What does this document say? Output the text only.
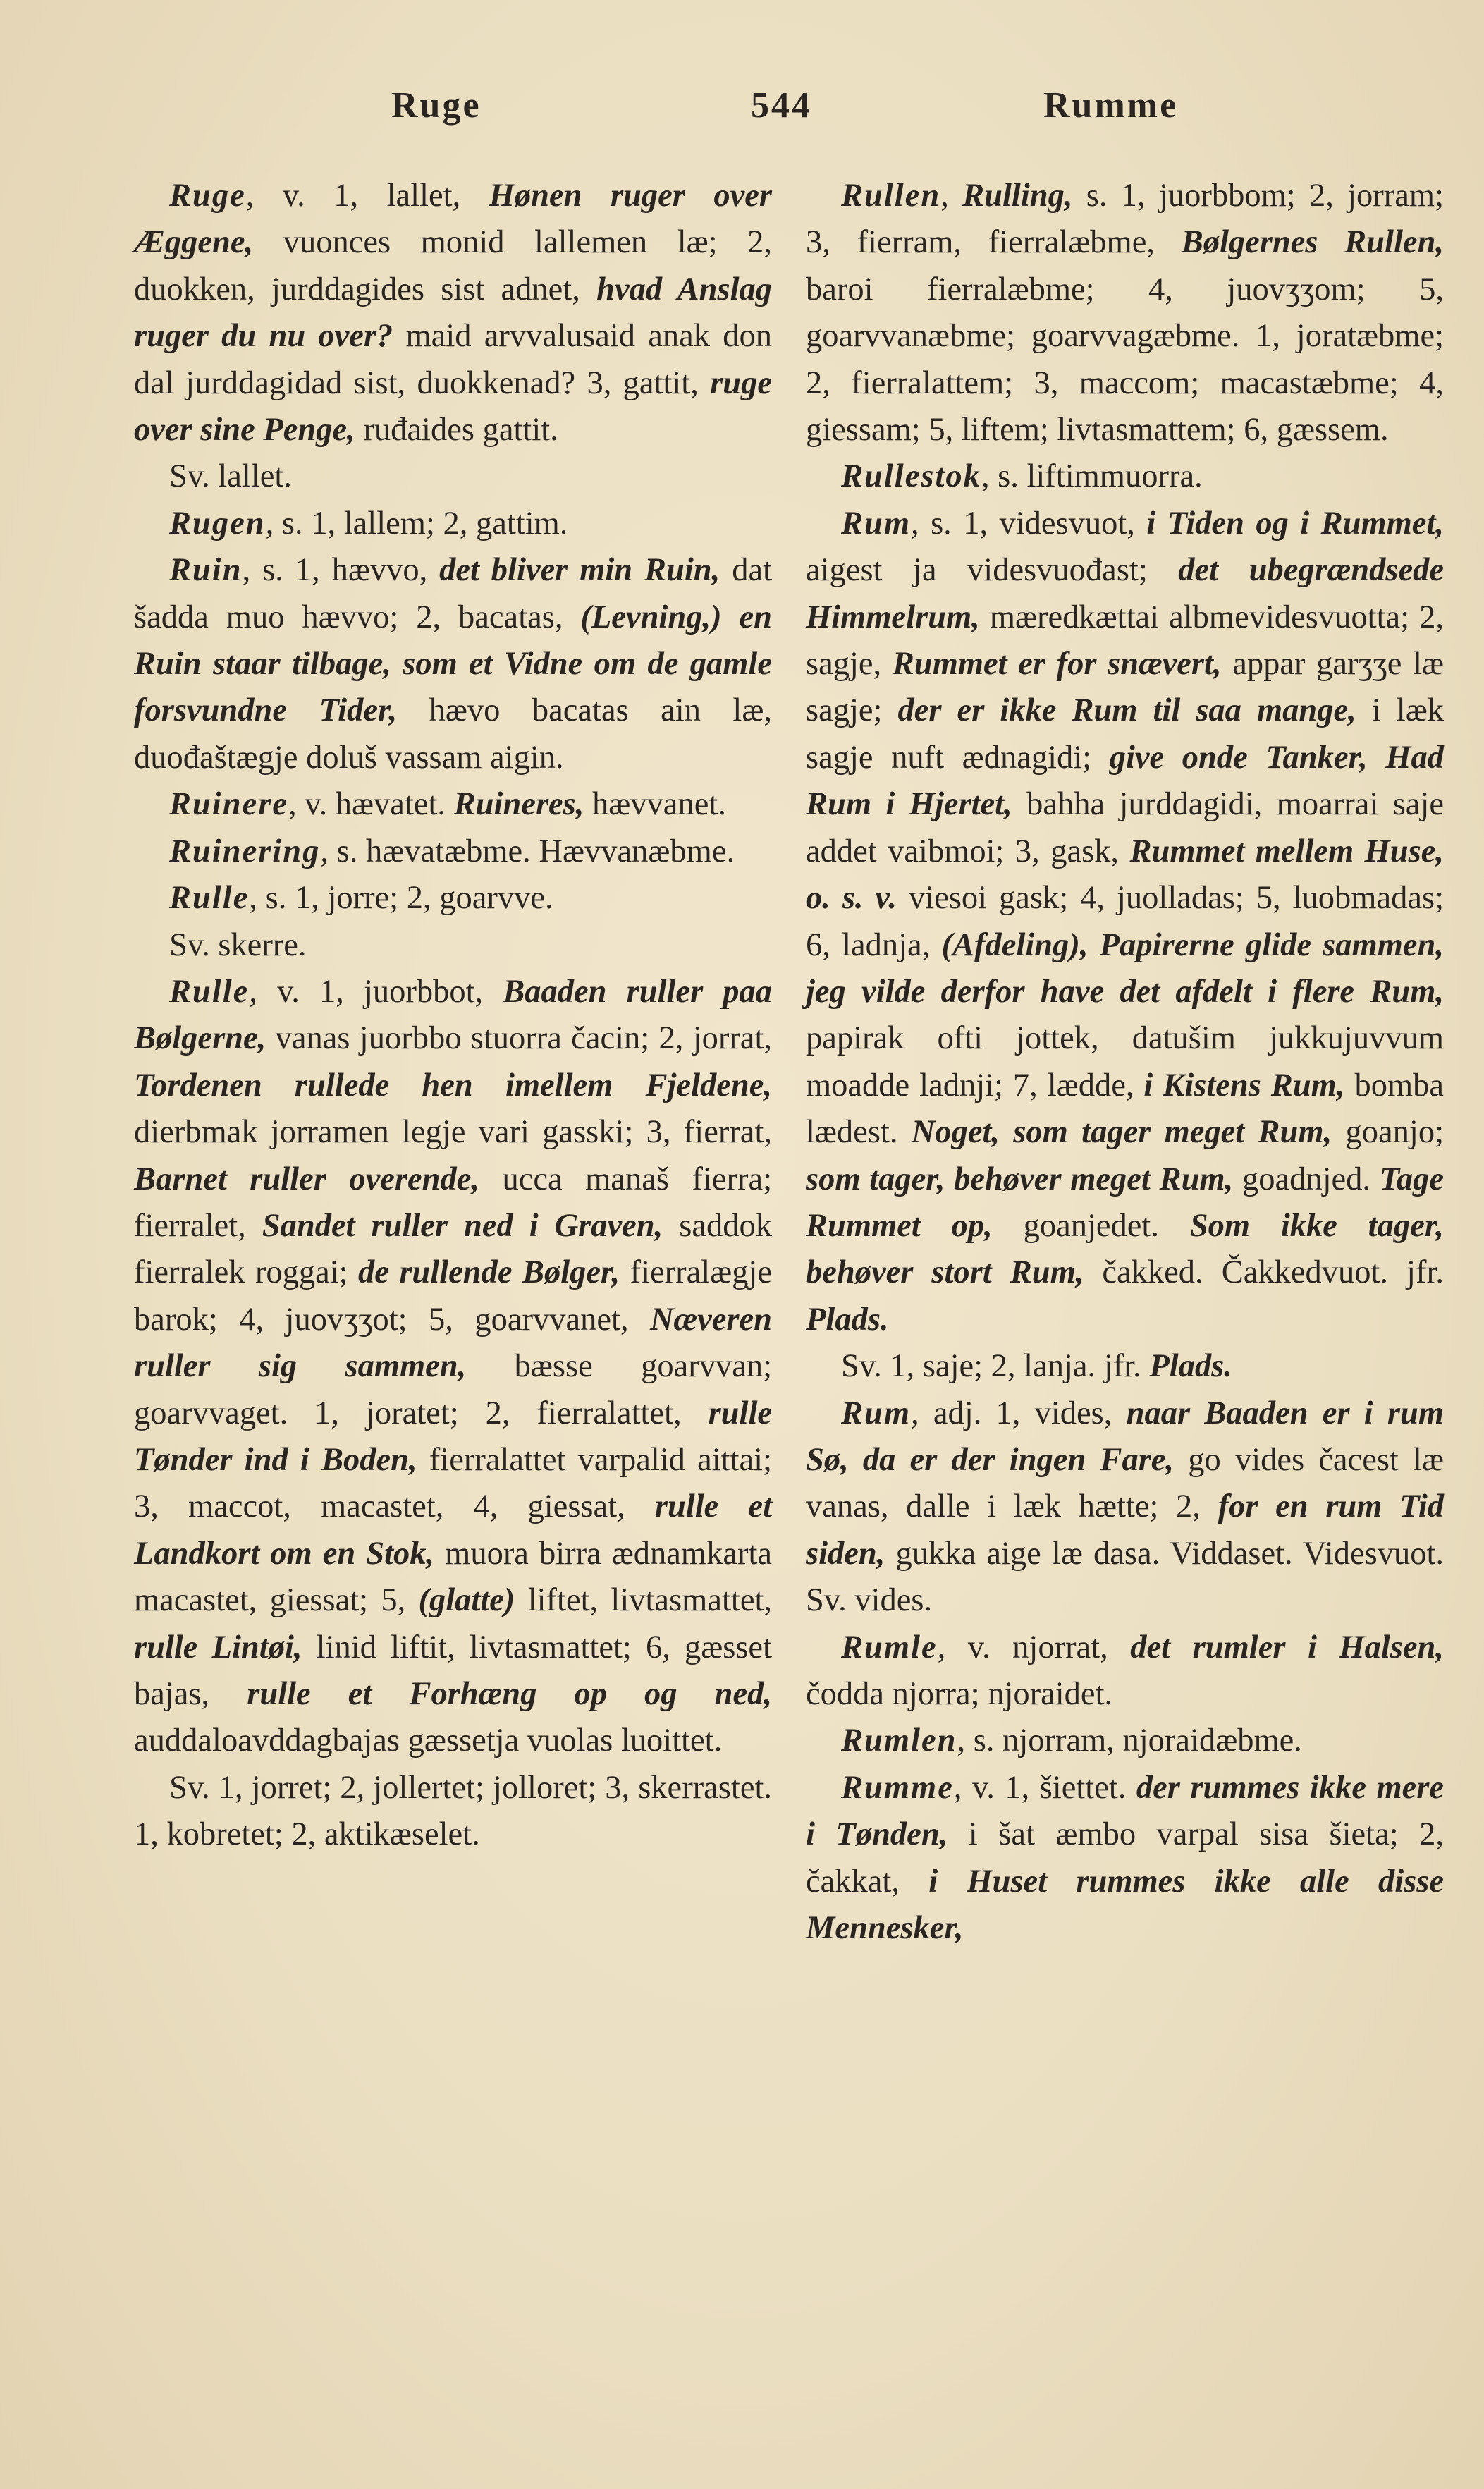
Ruge	544	Rumme

Ruge, v. 1, lallet, Hønen ruger over Æggene, vuonces monid lallemen læ; 2, duokken, jurddagides sist adnet, hvad Anslag ruger du nu over? maid arvvalusaid anak don dal jurddagidad sist, duokkenad? 3, gattit, ruge over sine Penge, ruđaides gattit.

Sv. lallet.

Rugen, s. 1, lallem; 2, gattim.

Ruin, s. 1, hævvo, det bliver min Ruin, dat šadda muo hævvo; 2, bacatas, (Levning,) en Ruin staar tilbage, som et Vidne om de gamle forsvundne Tider, hævo bacatas ain læ, duođaštægje doluš vassam aigin.

Ruinere, v. hævatet. Ruineres, hævvanet.

Ruinering, s. hævatæbme. Hævvanæbme.

Rulle, s. 1, jorre; 2, goarvve.

Sv. skerre.

Rulle, v. 1, juorbbot, Baaden ruller paa Bølgerne, vanas juorbbo stuorra čacin; 2, jorrat, Tordenen rullede hen imellem Fjeldene, dierbmak jorramen legje vari gasski; 3, fierrat, Barnet ruller overende, ucca manaš fierra; fierralet, Sandet ruller ned i Graven, saddok fierralek roggai; de rullende Bølger, fierralægje barok; 4, juovʒʒot; 5, goarvvanet, Næveren ruller sig sammen, bæsse goarvvan; goarvvaget. 1, joratet; 2, fierralattet, rulle Tønder ind i Boden, fierralattet varpalid aittai; 3, maccot, macastet, 4, giessat, rulle et Landkort om en Stok, muora birra ædnamkarta macastet, giessat; 5, (glatte) liftet, livtasmattet, rulle Lintøi, linid liftit, livtasmattet; 6, gæsset bajas, rulle et Forhæng op og ned, auddaloavddagbajas gæssetja vuolas luoittet.

Sv. 1, jorret; 2, jollertet; jolloret; 3, skerrastet. 1, kobretet; 2, aktikæselet.

Rullen, Rulling, s. 1, juorbbom; 2, jorram; 3, fierram, fierralæbme, Bølgernes Rullen, baroi fierralæbme; 4, juovʒʒom; 5, goarvvanæbme; goarvvagæbme. 1, joratæbme; 2, fierralattem; 3, maccom; macastæbme; 4, giessam; 5, liftem; livtasmattem; 6, gæssem.

Rullestok, s. liftimmuorra.

Rum, s. 1, videsvuot, i Tiden og i Rummet, aigest ja videsvuođast; det ubegrændsede Himmelrum, mæredkættai albmevidesvuotta; 2, sagje, Rummet er for snævert, appar garʒʒe læ sagje; der er ikke Rum til saa mange, i læk sagje nuft ædnagidi; give onde Tanker, Had Rum i Hjertet, bahha jurddagidi, moarrai saje addet vaibmoi; 3, gask, Rummet mellem Huse, o. s. v. viesoi gask; 4, juolladas; 5, luobmadas; 6, ladnja, (Afdeling), Papirerne glide sammen, jeg vilde derfor have det afdelt i flere Rum, papirak ofti jottek, datušim jukkujuvvum moadde ladnji; 7, lædde, i Kistens Rum, bomba lædest. Noget, som tager meget Rum, goanjo; som tager, behøver meget Rum, goadnjed. Tage Rummet op, goanjedet. Som ikke tager, behøver stort Rum, čakked. Čakkedvuot. jfr. Plads.

Sv. 1, saje; 2, lanja. jfr. Plads.

Rum, adj. 1, vides, naar Baaden er i rum Sø, da er der ingen Fare, go vides čacest læ vanas, dalle i læk hætte; 2, for en rum Tid siden, gukka aige læ dasa. Viddaset. Videsvuot. Sv. vides.

Rumle, v. njorrat, det rumler i Halsen, čodda njorra; njoraidet.

Rumlen, s. njorram, njoraidæbme.

Rumme, v. 1, šiettet. der rummes ikke mere i Tønden, i šat æmbo varpal sisa šieta; 2, čakkat, i Huset rummes ikke alle disse Mennesker,
